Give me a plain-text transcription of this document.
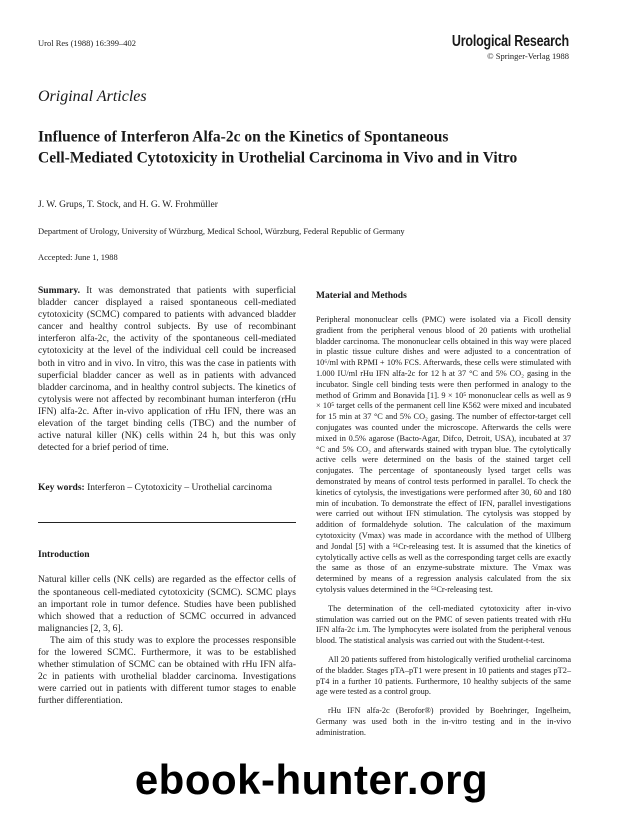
Urol Res (1988) 16:399–402	Urological Research
© Springer-Verlag 1988
Original Articles
Influence of Interferon Alfa-2c on the Kinetics of Spontaneous
Cell-Mediated Cytotoxicity in Urothelial Carcinoma in Vivo and in Vitro
J. W. Grups, T. Stock, and H. G. W. Frohmüller
Department of Urology, University of Würzburg, Medical School, Würzburg, Federal Republic of Germany
Accepted: June 1, 1988
Summary. It was demonstrated that patients with superficial bladder cancer displayed a raised spontaneous cell-mediated cytotoxicity (SCMC) compared to patients with advanced bladder cancer and healthy control subjects. By use of recombinant interferon alfa-2c, the activity of the spontaneous cell-mediated cytotoxicity at the level of the individual cell could be increased both in vitro and in vivo. In vitro, this was the case in patients with superficial bladder cancer as well as in patients with advanced bladder carcinoma, and in healthy control subjects. The kinetics of cytolysis were not affected by recombinant human interferon (rHu IFN) alfa-2c. After in-vivo application of rHu IFN, there was an elevation of the target binding cells (TBC) and the number of active natural killer (NK) cells within 24 h, but this was only detected for a brief period of time.
Key words: Interferon – Cytotoxicity – Urothelial carcinoma
Introduction

Natural killer cells (NK cells) are regarded as the effector cells of the spontaneous cell-mediated cytotoxicity (SCMC). SCMC plays an important role in tumor defence. Studies have been published which showed that a reduction of SCMC occurred in advanced malignancies [2, 3, 6].

The aim of this study was to explore the processes responsible for the lowered SCMC. Furthermore, it was to be established whether stimulation of SCMC can be obtained with rHu IFN alfa-2c in patients with urothelial bladder carcinoma. Investigations were carried out in patients with different tumor stages to enable further differentiation.

Material and Methods

Peripheral mononuclear cells (PMC) were isolated via a Ficoll density gradient from the peripheral venous blood of 20 patients with urothelial bladder carcinoma. The mononuclear cells obtained in this way were placed in plastic tissue culture dishes and were adjusted to a concentration of 10⁶/ml with RPMI + 10% FCS. Afterwards, these cells were stimulated with 1.000 IU/ml rHu IFN alfa-2c for 12 h at 37 °C and 5% CO₂ gasing in the incubator. Single cell binding tests were then performed in analogy to the method of Grimm and Bonavida [1]. 9 × 10⁵ mononuclear cells as well as 9 × 10⁵ target cells of the permanent cell line K562 were mixed and incubated for 15 min at 37 °C and 5% CO₂ gasing. The number of effector-target cell conjugates was counted under the microscope. Afterwards the cells were mixed in 0.5% agarose (Bacto-Agar, Difco, Detroit, USA), incubated at 37 °C and 5% CO₂ and afterwards stained with trypan blue. The cytolytically active cells were determined on the basis of the stained target cell conjugates. The percentage of spontaneously lysed target cells was demonstrated by means of control tests performed in parallel. To check the kinetics of cytolysis, the investigations were performed after 30, 60 and 180 min of incubation. To demonstrate the effect of IFN, parallel investigations were carried out without IFN stimulation. The cytolysis was stopped by addition of formaldehyde solution. The calculation of the maximum cytotoxicity (Vmax) was made in accordance with the method of Ullberg and Jondal [5] with a ⁵¹Cr-releasing test. It is assumed that the kinetics of cytolytically active cells as well as the corresponding target cells are exactly the same as those of an enzyme-substrate mixture. The Vmax was determined by means of a regression analysis calculated from the six cytolysis values determined in the ⁵¹Cr-releasing test.

The determination of the cell-mediated cytotoxicity after in-vivo stimulation was carried out on the PMC of seven patients treated with rHu IFN alfa-2c i.m. The lymphocytes were isolated from the peripheral venous blood. The statistical analysis was carried out with the Student-t-test.

All 20 patients suffered from histologically verified urothelial carcinoma of the bladder. Stages pTA–pT1 were present in 10 patients and stages pT2–pT4 in a further 10 patients. Furthermore, 10 healthy subjects of the same age were tested as a control group.

rHu IFN alfa-2c (Berofor®) provided by Boehringer, Ingelheim, Germany was used both in the in-vitro testing and in the in-vivo administration.

ebook-hunter.org
